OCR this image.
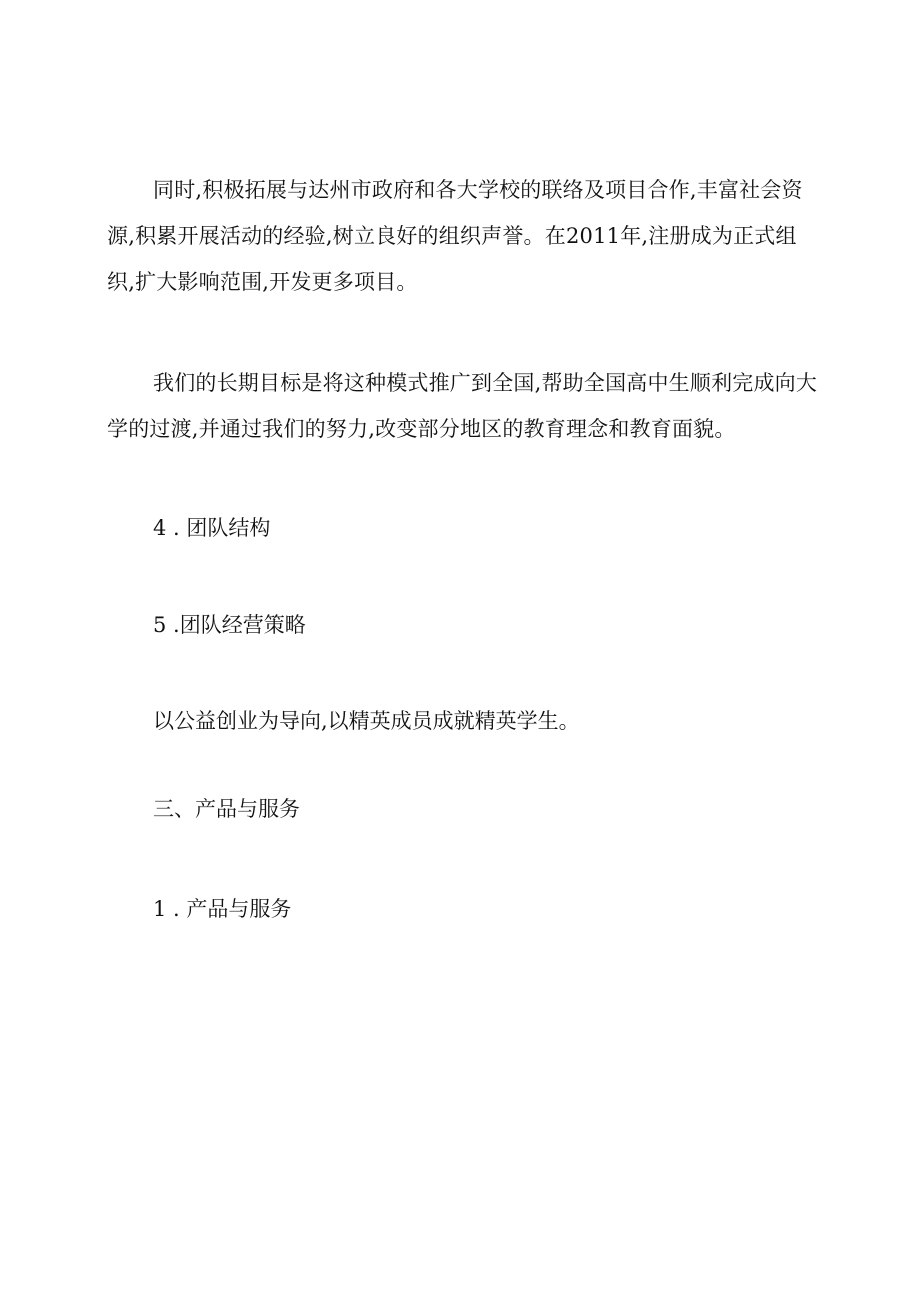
同时,积极拓展与达州市政府和各大学校的联络及项目合作,丰富社会资源,积累开展活动的经验,树立良好的组织声誉。在2011年,注册成为正式组织,扩大影响范围,开发更多项目。

我们的长期目标是将这种模式推广到全国,帮助全国高中生顺利完成向大学的过渡,并通过我们的努力,改变部分地区的教育理念和教育面貌。

4 . 团队结构

5 .团队经营策略

以公益创业为导向,以精英成员成就精英学生。

三、产品与服务

1 . 产品与服务
